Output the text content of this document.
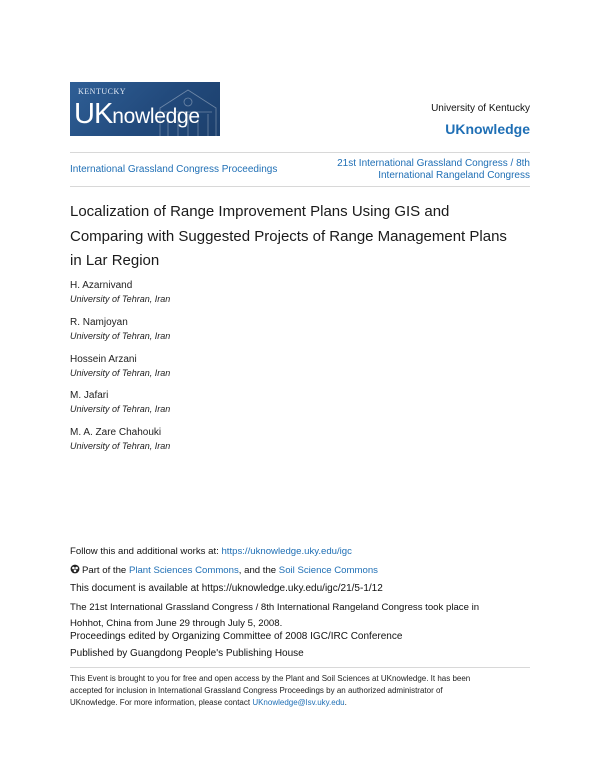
KENTUCKY
UKnowledge	University of Kentucky
UKnowledge
International Grassland Congress Proceedings
21st International Grassland Congress / 8th
International Rangeland Congress
Localization of Range Improvement Plans Using GIS and
Comparing with Suggested Projects of Range Management Plans
in Lar Region
H. Azarnivand
University of Tehran, Iran
R. Namjoyan
University of Tehran, Iran
Hossein Arzani
University of Tehran, Iran
M. Jafari
University of Tehran, Iran
M. A. Zare Chahouki
University of Tehran, Iran
Follow this and additional works at: https://uknowledge.uky.edu/igc
Part of the Plant Sciences Commons, and the Soil Science Commons
This document is available at https://uknowledge.uky.edu/igc/21/5-1/12
The 21st International Grassland Congress / 8th International Rangeland Congress took place in
Hohhot, China from June 29 through July 5, 2008.
Proceedings edited by Organizing Committee of 2008 IGC/IRC Conference
Published by Guangdong People's Publishing House
This Event is brought to you for free and open access by the Plant and Soil Sciences at UKnowledge. It has been
accepted for inclusion in International Grassland Congress Proceedings by an authorized administrator of
UKnowledge. For more information, please contact UKnowledge@lsv.uky.edu.
